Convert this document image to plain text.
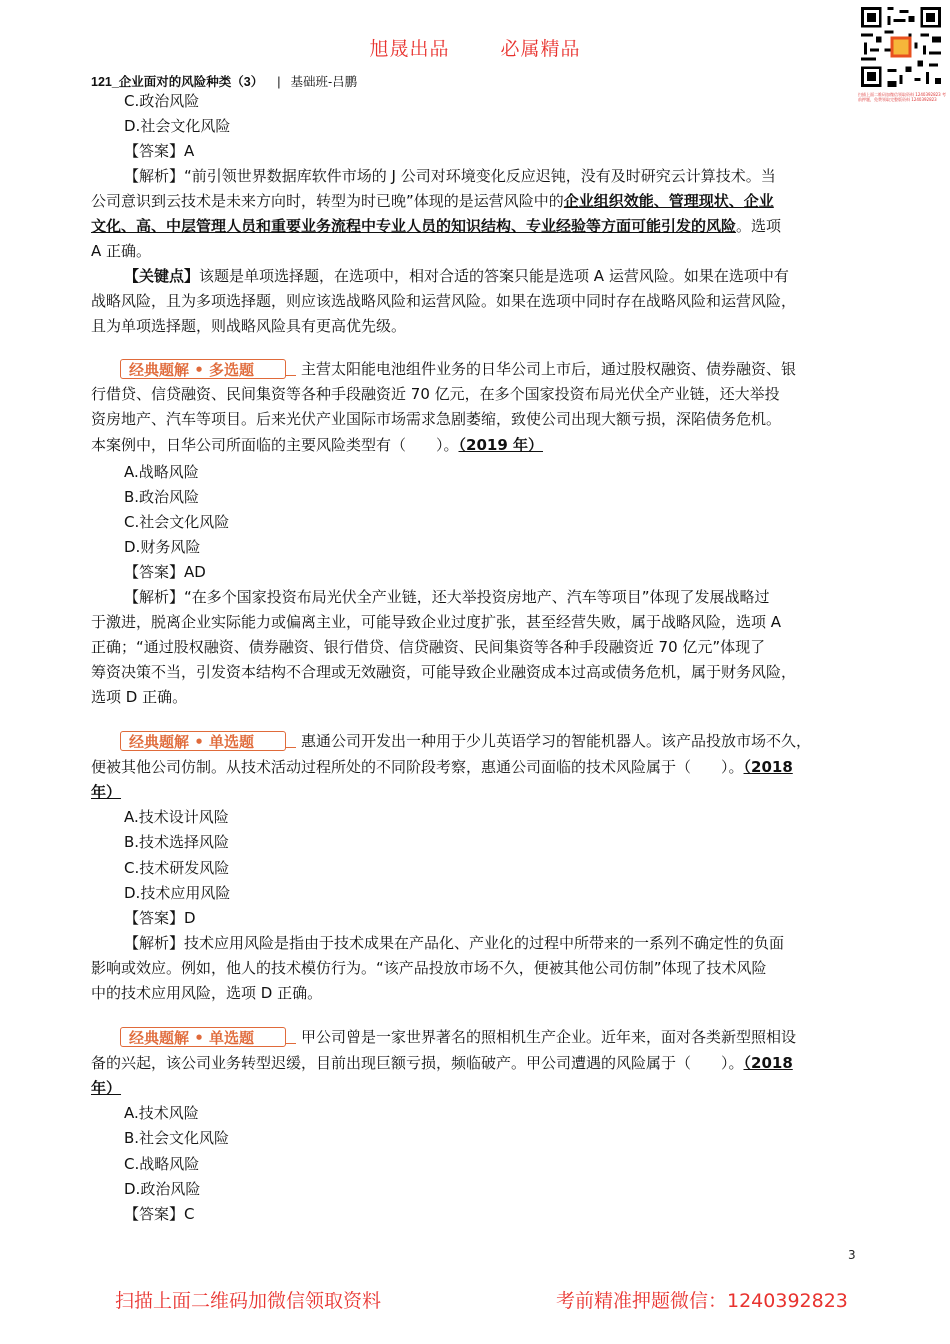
旭晟出品	必属精品
扫描上面二维码加微信领取资料 1240392823 考前押题，免费领取完整版资料 1240392823
121_企业面对的风险种类（3） | 基础班-吕鹏
C.政治风险
D.社会文化风险
【答案】A
【解析】“前引领世界数据库软件市场的 J 公司对环境变化反应迟钝，没有及时研究云计算技术。当
公司意识到云技术是未来方向时，转型为时已晚”体现的是运营风险中的企业组织效能、管理现状、企业
文化、高、中层管理人员和重要业务流程中专业人员的知识结构、专业经验等方面可能引发的风险。选项
A 正确。
【关键点】该题是单项选择题，在选项中，相对合适的答案只能是选项 A 运营风险。如果在选项中有
战略风险，且为多项选择题，则应该选战略风险和运营风险。如果在选项中同时存在战略风险和运营风险，
且为单项选择题，则战略风险具有更高优先级。
经典题解 • 多选题	主营太阳能电池组件业务的日华公司上市后，通过股权融资、债券融资、银
行借贷、信贷融资、民间集资等各种手段融资近 70 亿元，在多个国家投资布局光伏全产业链，还大举投
资房地产、汽车等项目。后来光伏产业国际市场需求急剧萎缩，致使公司出现大额亏损，深陷债务危机。
本案例中，日华公司所面临的主要风险类型有（　　）。（2019 年）
A.战略风险
B.政治风险
C.社会文化风险
D.财务风险
【答案】AD
【解析】“在多个国家投资布局光伏全产业链，还大举投资房地产、汽车等项目”体现了发展战略过
于激进，脱离企业实际能力或偏离主业，可能导致企业过度扩张，甚至经营失败，属于战略风险，选项 A
正确；“通过股权融资、债券融资、银行借贷、信贷融资、民间集资等各种手段融资近 70 亿元”体现了
筹资决策不当，引发资本结构不合理或无效融资，可能导致企业融资成本过高或债务危机，属于财务风险，
选项 D 正确。
经典题解 • 单选题	惠通公司开发出一种用于少儿英语学习的智能机器人。该产品投放市场不久，
便被其他公司仿制。从技术活动过程所处的不同阶段考察，惠通公司面临的技术风险属于（　　）。（2018
年）
A.技术设计风险
B.技术选择风险
C.技术研发风险
D.技术应用风险
【答案】D
【解析】技术应用风险是指由于技术成果在产品化、产业化的过程中所带来的一系列不确定性的负面
影响或效应。例如，他人的技术模仿行为。“该产品投放市场不久，便被其他公司仿制”体现了技术风险
中的技术应用风险，选项 D 正确。
经典题解 • 单选题	甲公司曾是一家世界著名的照相机生产企业。近年来，面对各类新型照相设
备的兴起，该公司业务转型迟缓，目前出现巨额亏损，频临破产。甲公司遭遇的风险属于（　　）。（2018
年）
A.技术风险
B.社会文化风险
C.战略风险
D.政治风险
【答案】C
3
扫描上面二维码加微信领取资料	考前精准押题微信：1240392823
